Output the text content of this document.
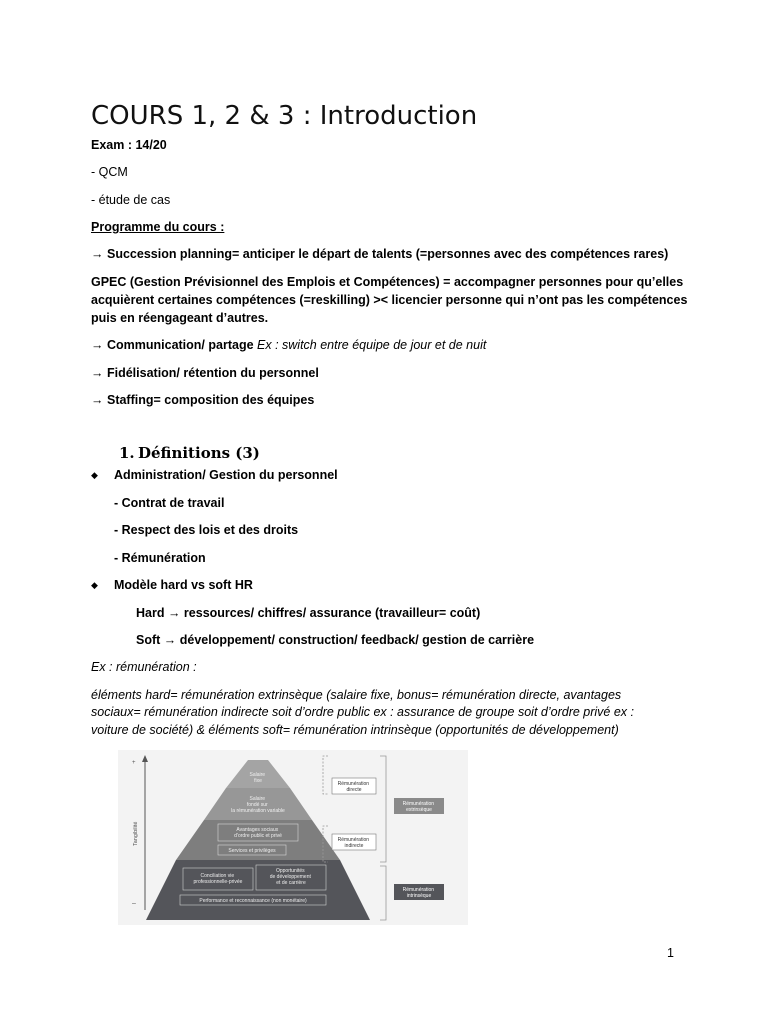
COURS 1, 2 & 3 : Introduction
Exam : 14/20
- QCM
- étude de cas
Programme du cours :
→ Succession planning= anticiper le départ de talents (=personnes avec des compétences rares)
GPEC (Gestion Prévisionnel des Emplois et Compétences) = accompagner personnes pour qu’elles
acquièrent certaines compétences (=reskilling) >< licencier personne qui n’ont pas les compétences
puis en réengageant d’autres.
→ Communication/ partage Ex : switch entre équipe de jour et de nuit
→ Fidélisation/ rétention du personnel
→ Staffing= composition des équipes
1. Définitions (3)
◆ Administration/ Gestion du personnel
- Contrat de travail
- Respect des lois et des droits
- Rémunération
◆ Modèle hard vs soft HR
Hard → ressources/ chiffres/ assurance (travailleur= coût)
Soft → développement/ construction/ feedback/ gestion de carrière
Ex : rémunération :
éléments hard= rémunération extrinsèque (salaire fixe, bonus= rémunération directe, avantages
sociaux= rémunération indirecte soit d’ordre public ex : assurance de groupe soit d’ordre privé ex :
voiture de société) & éléments soft= rémunération intrinsèque (opportunités de développement)
+
–
Tangibilité
Salaire fixe
Salaire fondé sur la rémunération variable
Avantages sociaux d’ordre public et privé
Services et privilèges
Conciliation vie professionnelle-privée
Opportunités de développement et de carrière
Performance et reconnaissance (non monétaire)
Rémunération directe
Rémunération indirecte
Rémunération extrinsèque
Rémunération intrinsèque
1
